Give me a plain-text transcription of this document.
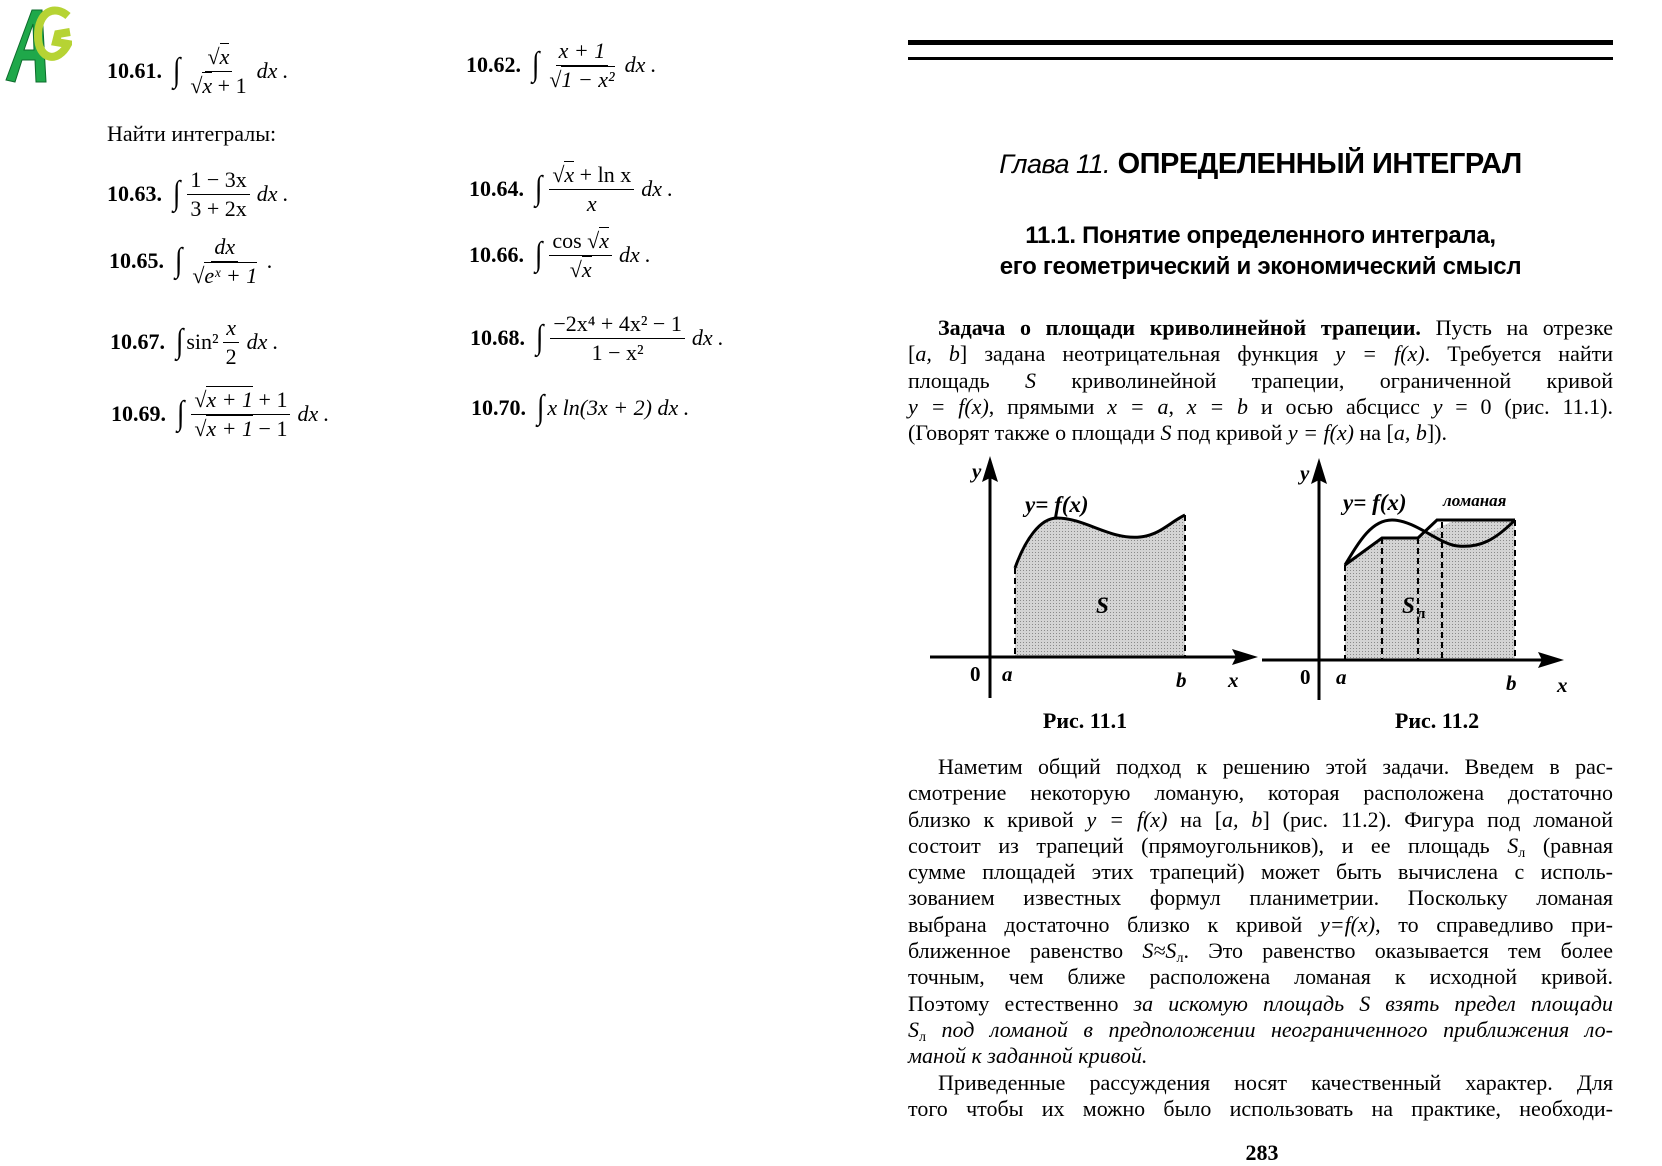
10.61. ∫ $\frac{√x}{√x + 1}$ dx .	10.62. ∫ $\frac{x + 1}{\text{√1 − x²}}$ dx .
Найти интегралы:
10.63. ∫ $\frac{1 - 3x}{3 + 2x}$ dx .	10.64. ∫ $\frac{\text{√x + ln x}}{x}$ dx .
10.65. ∫ $\frac{dx}{\text{√eˣ + 1}}$ .	10.66. ∫ $\frac{\cos √x}{√x}$ dx .
10.67. ∫ $\sin^2 \frac{x}{2}$ dx .	10.68. ∫ $\frac{\text{−2x⁴ + 4x² − 1}}{\text{1 − x²}}$ dx .
10.69. ∫ $\frac{√x + 1 + 1}{√x + 1 - 1}$ dx .	10.70. ∫ x ln(3x + 2) dx .
Глава 11. ОПРЕДЕЛЕННЫЙ ИНТЕГРАЛ
11.1. Понятие определенного интеграла,
его геометрический и экономический смысл
Задача о площади криволинейной трапеции. Пусть на отрезке
[a, b] задана неотрицательная функция y = f(x). Требуется найти
площадь S криволинейной трапеции, ограниченной кривой
y = f(x), прямыми x = a, x = b и осью абсцисс y = 0 (рис. 11.1).
(Говорят также о площади S под кривой y = f(x) на [a, b]).
y
y= f(x)
S
0 a	b x
Рис. 11.1
y
y= f(x) ломаная
S л
0 a	b x
Рис. 11.2
Наметим общий подход к решению этой задачи. Введем в рас-
смотрение некоторую ломаную, которая расположена достаточно
близко к кривой y = f(x) на [a, b] (рис. 11.2). Фигура под ломаной
состоит из трапеций (прямоугольников), и ее площадь Sл (равная
сумме площадей этих трапеций) может быть вычислена с исполь-
зованием известных формул планиметрии. Поскольку ломаная
выбрана достаточно близко к кривой y=f(x), то справедливо при-
ближенное равенство S≈Sл. Это равенство оказывается тем более
точным, чем ближе расположена ломаная к исходной кривой.
Поэтому естественно за искомую площадь S взять предел площади
Sл под ломаной в предположении неограниченного приближения ло-
маной к заданной кривой.
Приведенные рассуждения носят качественный характер. Для
того чтобы их можно было использовать на практике, необходи-
283
